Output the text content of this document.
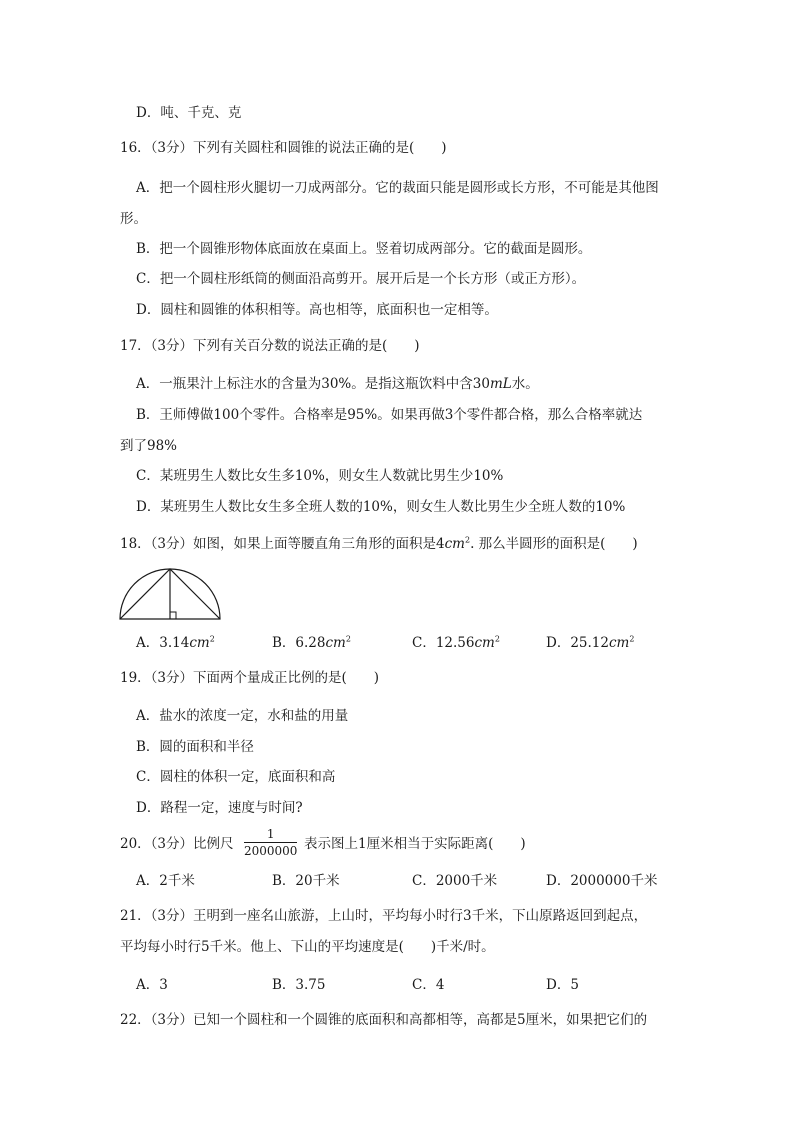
D．吨、千克、克
16．（3分）下列有关圆柱和圆锥的说法正确的是(　　)
A．把一个圆柱形火腿切一刀成两部分。它的裁面只能是圆形或长方形，不可能是其他图
形。
B．把一个圆锥形物体底面放在桌面上。竖着切成两部分。它的截面是圆形。
C．把一个圆柱形纸筒的侧面沿高剪开。展开后是一个长方形（或正方形）。
D．圆柱和圆锥的体积相等。高也相等，底面积也一定相等。
17．（3分）下列有关百分数的说法正确的是(　　)
A．一瓶果汁上标注水的含量为30%。是指这瓶饮料中含30mL水。
B．王师傅做100个零件。合格率是95%。如果再做3个零件都合格，那么合格率就达
到了98%
C．某班男生人数比女生多10%，则女生人数就比男生少10%
D．某班男生人数比女生多全班人数的10%，则女生人数比男生少全班人数的10%
18．（3分）如图，如果上面等腰直角三角形的面积是$4cm^2$. 那么半圆形的面积是(　　)
A．$3.14cm^2$	B．$6.28cm^2$	C．$12.56cm^2$	D．$25.12cm^2$
19．（3分）下面两个量成正比例的是(　　)
A．盐水的浓度一定，水和盐的用量
B．圆的面积和半径
C．圆柱的体积一定，底面积和高
D．路程一定，速度与时间?
20．（3分）比例尺 $\frac{1}{2000000}$ 表示图上1厘米相当于实际距离(　　)
A．2千米	B．20千米	C．2000千米	D．2000000千米
21．（3分）王明到一座名山旅游，上山时，平均每小时行3千米，下山原路返回到起点，
平均每小时行5千米。他上、下山的平均速度是(　　)千米/时。
A．3	B．3.75	C．4	D．5
22．（3分）已知一个圆柱和一个圆锥的底面积和高都相等，高都是5厘米，如果把它们的
